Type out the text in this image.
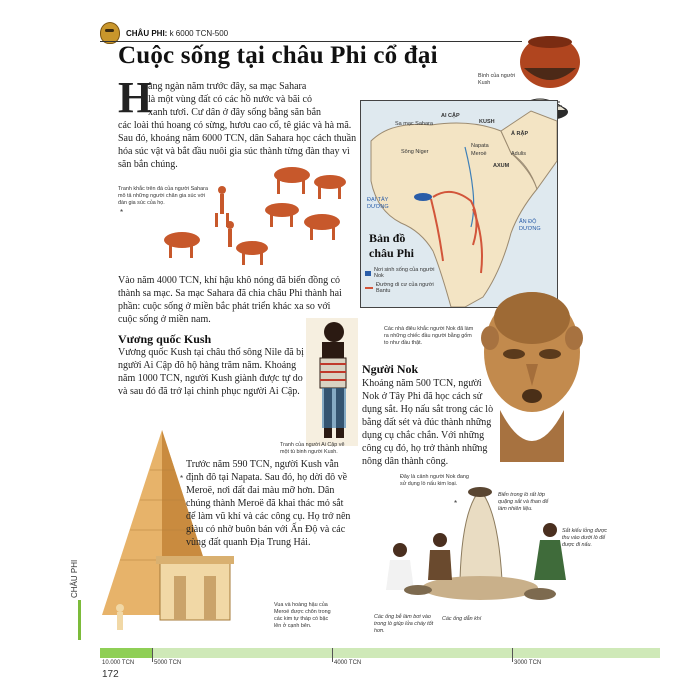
CHÂU PHI: k 6000 TCN-500
Cuộc sống tại châu Phi cổ đại
Bình của người Kush
H
àng ngàn năm trước đây, sa mạc Sahara
là một vùng đất có các hồ nước và bãi cỏ
xanh tươi. Cư dân ở đây sống bằng săn bắn
các loài thú hoang có sừng, hươu cao cổ, tê giác và hà mã. Sau đó, khoảng năm 6000 TCN, dân Sahara học cách thuần hóa súc vật và bắt đầu nuôi gia súc thành từng đàn thay vì săn bắn chúng.
Tranh khắc trên đá của người Sahara mô tả những người chăn gia súc với đàn gia súc của họ.
*
Vào năm 4000 TCN, khí hậu khô nóng đã biến đồng cỏ thành sa mạc. Sa mạc Sahara đã chia châu Phi thành hai phần: cuộc sống ở miền bắc phát triển khác xa so với cuộc sống ở miền nam.
Vương quốc Kush
Vương quốc Kush tại châu thổ sông Nile đã bị người Ai Cập đô hộ hàng trăm năm. Khoảng năm 1000 TCN, người Kush giành được tự do và sau đó đã trở lại chinh phục người Ai Cập.
Tranh của người Ai Cập vẽ một tù binh người Kush.
*
Trước năm 590 TCN, người Kush vẫn định đô tại Napata. Sau đó, họ dời đô về Meroë, nơi đất đai màu mỡ hơn. Dân chúng thành Meroë đã khai thác mỏ sắt để làm vũ khí và các công cụ. Họ trở nên giàu có nhờ buôn bán với Ấn Độ và các vùng đất quanh Địa Trung Hải.
Vua và hoàng hậu của Meroë được chôn trong các kim tự tháp có bậc lên ở cạnh bên.
Sa mạc Sahara
AI CẬP
KUSH
Ả RẬP
Napata
Meroë	Adulis
AXUM
Sông Niger
ĐẠI TÂY
DƯƠNG
ẤN ĐỘ
DƯƠNG
Bản đồ
châu Phi
Nơi sinh sống của người Nok
Đường di cư của người Bantu
Các nhà điêu khắc người Nok đã làm ra những chiếc đầu người bằng gốm to như đầu thật.
Người Nok
Khoảng năm 500 TCN, người Nok ở Tây Phi đã học cách sử dụng sắt. Họ nấu sắt trong các lò bằng đất sét và đúc thành những dụng cụ chắc chắn. Với những công cụ đó, họ trở thành những nông dân thành công.
Đây là cảnh người Nok đang sử dụng lò nấu kim loại.
Biển trong lò rất lớp quặng sắt và than để làm nhiên liệu.
Sắt kiểu lỏng được thu vào dưới lò để được đi nấu.
Các ống bễ làm bơi vào trong lò giúp lửa cháy tốt hơn.
Các ống dẫn khí
*
CHÂU PHI
10.000 TCN	5000 TCN	4000 TCN	3000 TCN
172
